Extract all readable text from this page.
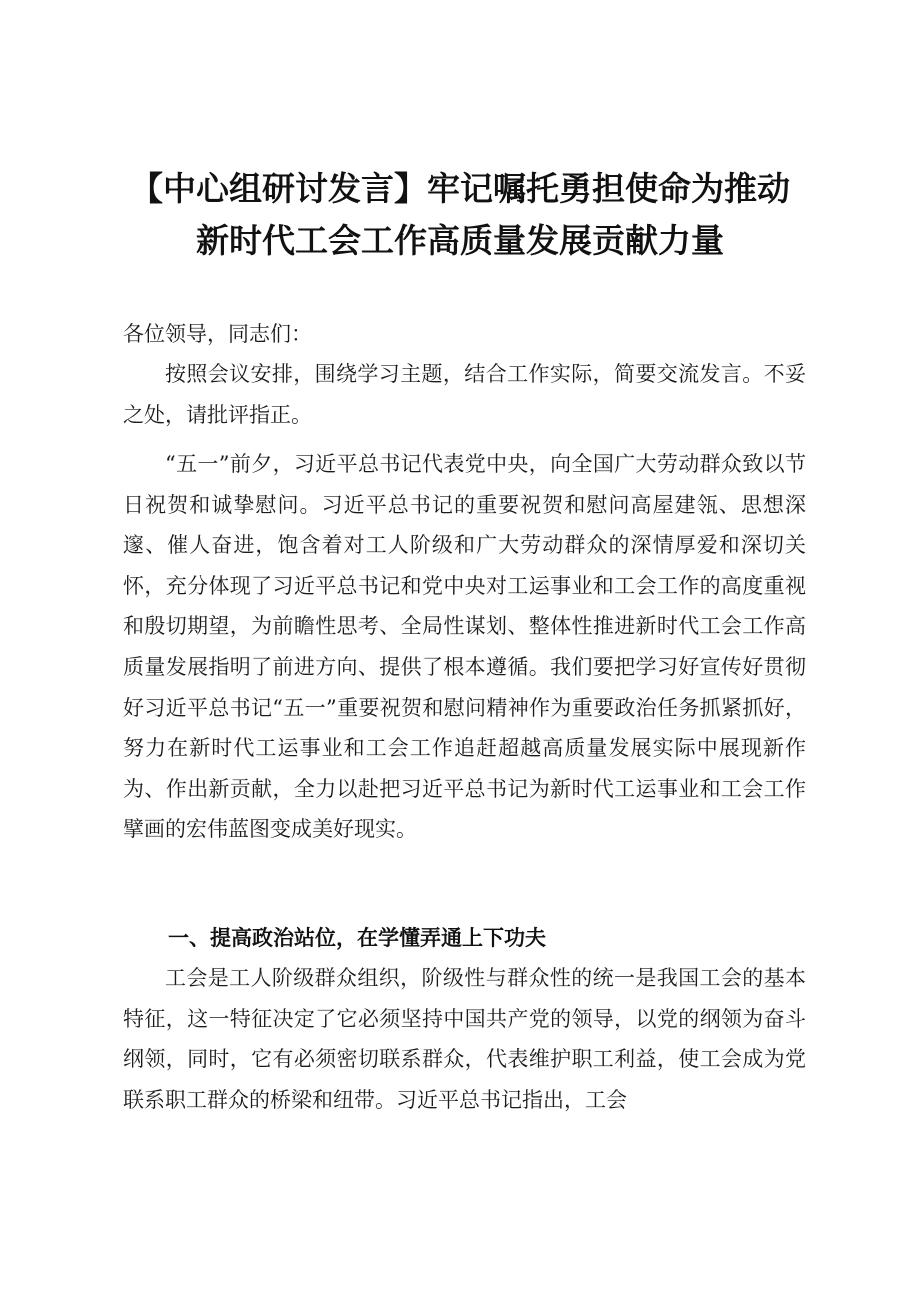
【中心组研讨发言】牢记嘱托勇担使命为推动
新时代工会工作高质量发展贡献力量
各位领导，同志们：

按照会议安排，围绕学习主题，结合工作实际，简要交流发言。不妥之处，请批评指正。

“五一”前夕，习近平总书记代表党中央，向全国广大劳动群众致以节日祝贺和诚挚慰问。习近平总书记的重要祝贺和慰问高屋建瓴、思想深邃、催人奋进，饱含着对工人阶级和广大劳动群众的深情厚爱和深切关怀，充分体现了习近平总书记和党中央对工运事业和工会工作的高度重视和殷切期望，为前瞻性思考、全局性谋划、整体性推进新时代工会工作高质量发展指明了前进方向、提供了根本遵循。我们要把学习好宣传好贯彻好习近平总书记“五一”重要祝贺和慰问精神作为重要政治任务抓紧抓好，努力在新时代工运事业和工会工作追赶超越高质量发展实际中展现新作为、作出新贡献，全力以赴把习近平总书记为新时代工运事业和工会工作擘画的宏伟蓝图变成美好现实。

一、提高政治站位，在学懂弄通上下功夫

工会是工人阶级群众组织，阶级性与群众性的统一是我国工会的基本特征，这一特征决定了它必须坚持中国共产党的领导，以党的纲领为奋斗纲领，同时，它有必须密切联系群众，代表维护职工利益，使工会成为党联系职工群众的桥梁和纽带。习近平总书记指出，工会
